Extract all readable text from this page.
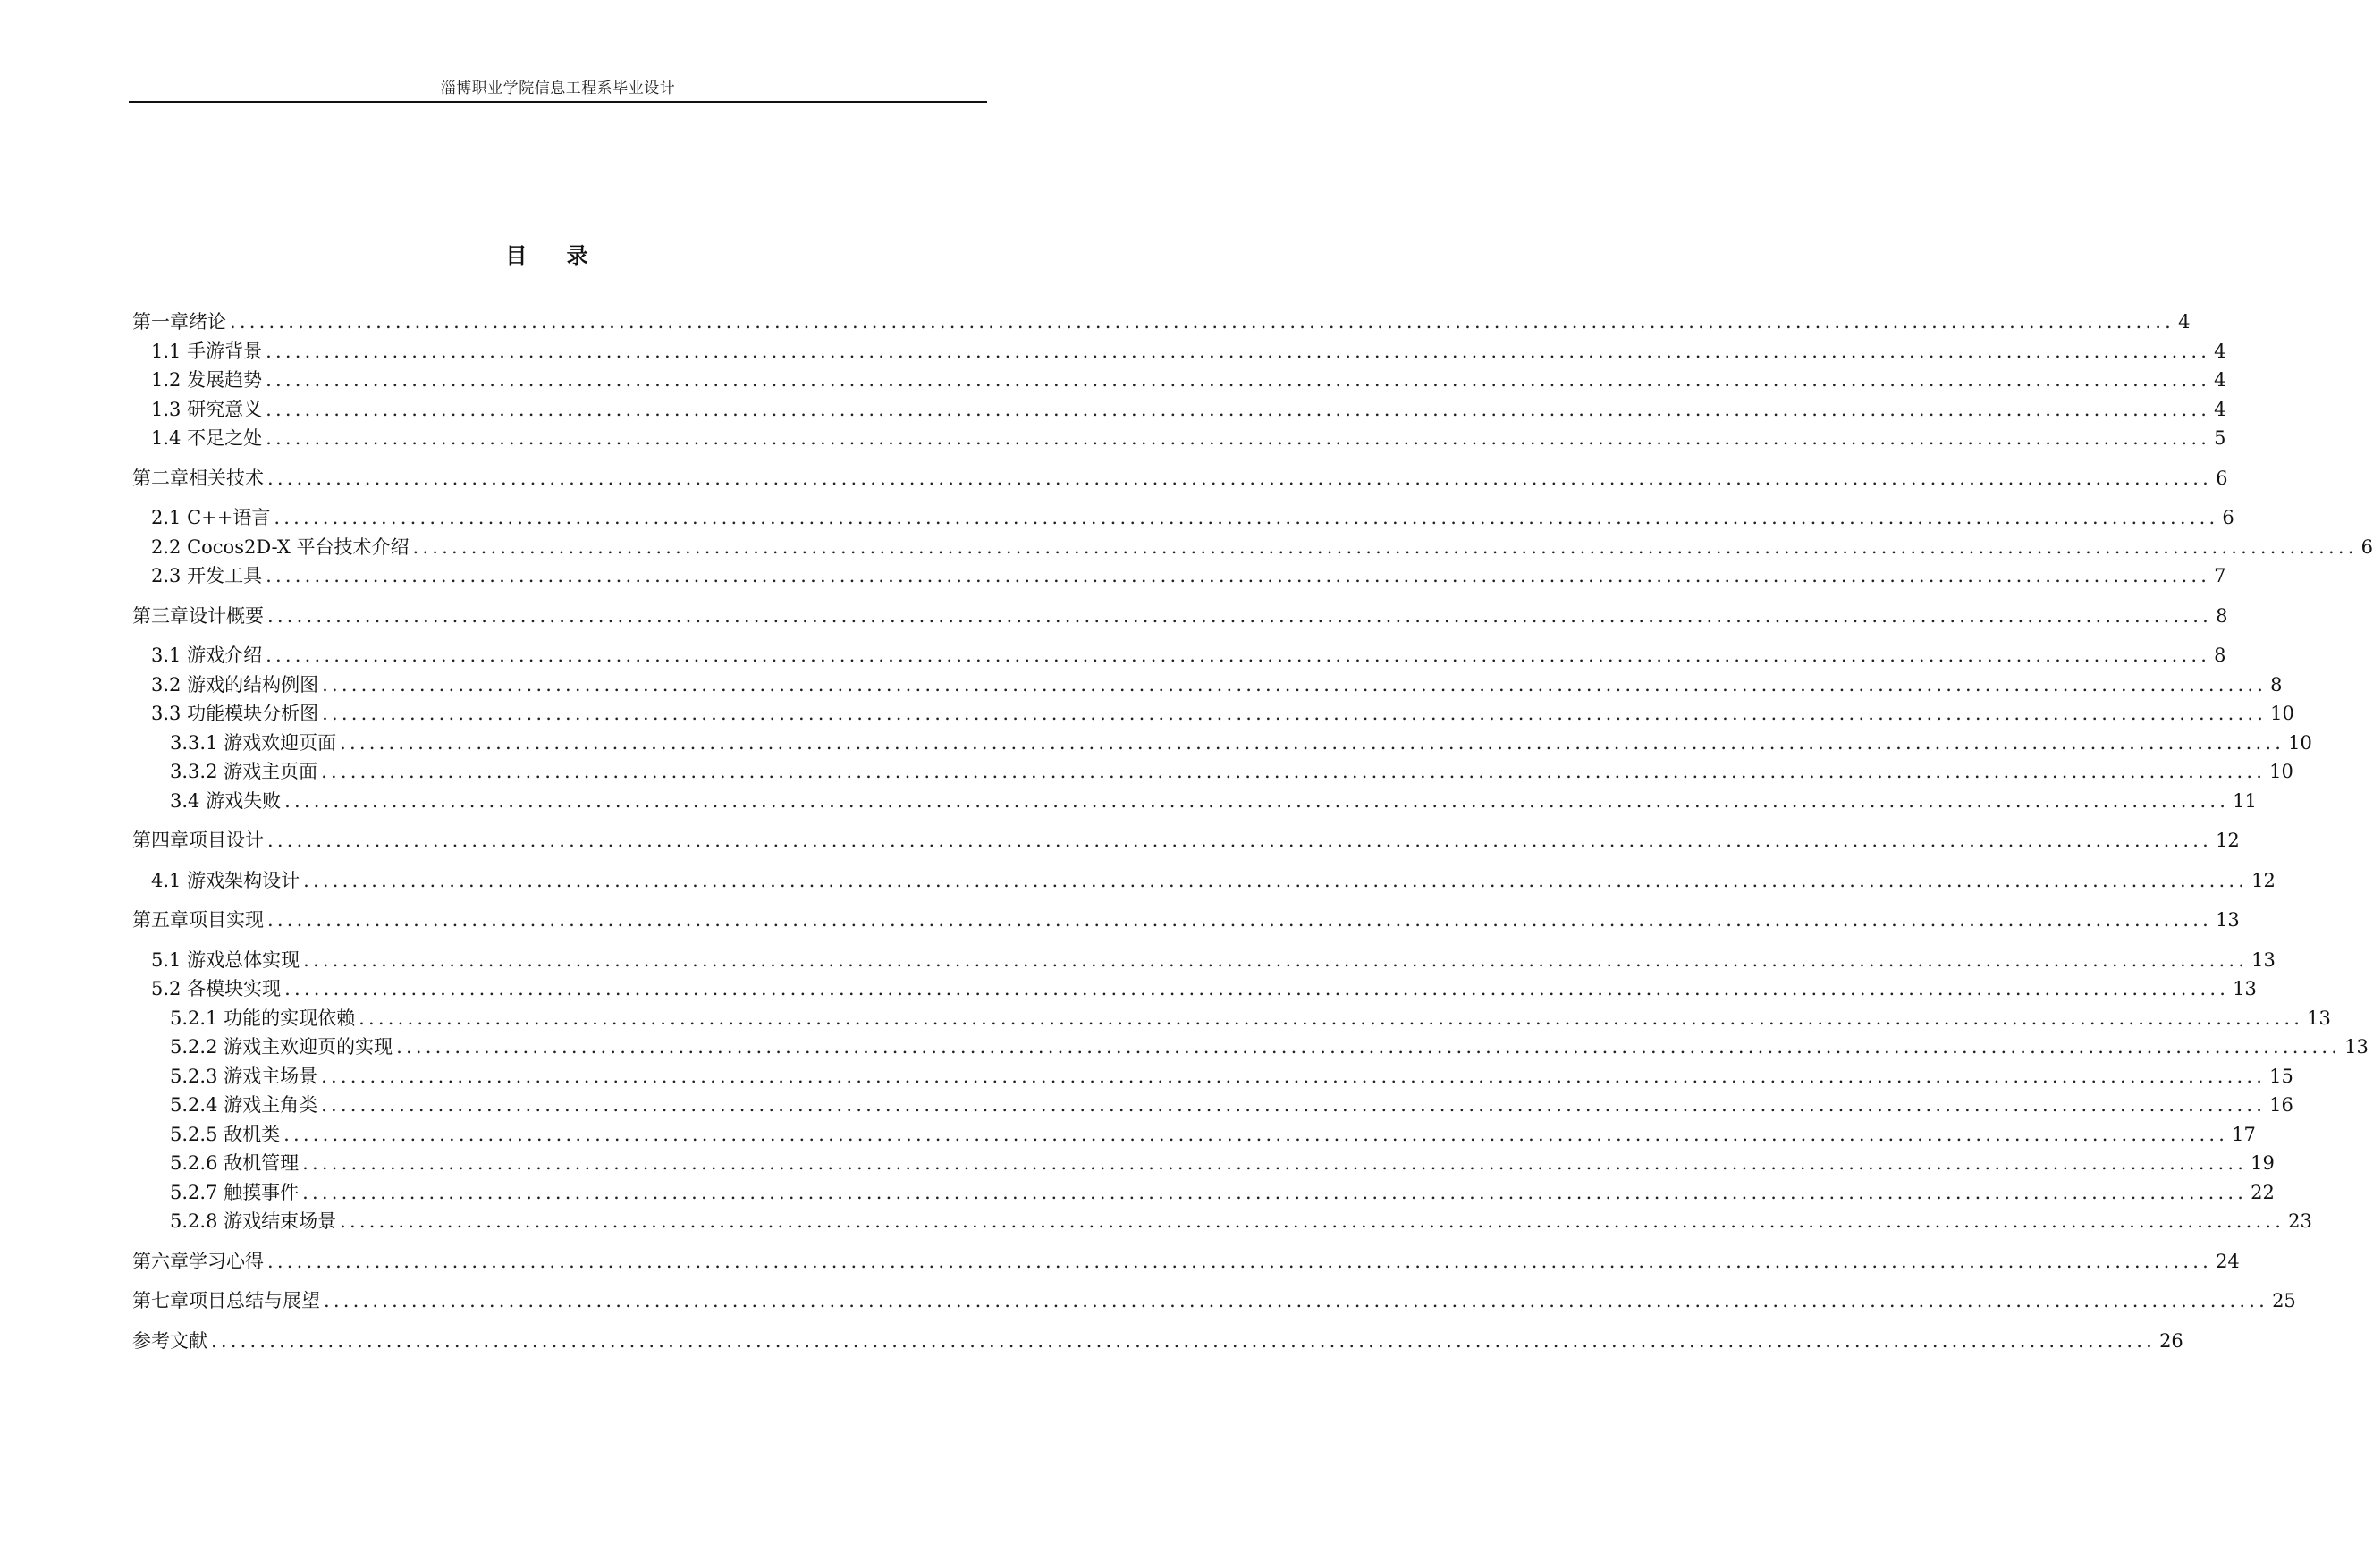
淄博职业学院信息工程系毕业设计
目 录
第一章绪论 ........................................................................................................................................................................................................ 4
1.1 手游背景 ........................................................................................................................................................................................................ 4
1.2 发展趋势 ........................................................................................................................................................................................................ 4
1.3 研究意义 ........................................................................................................................................................................................................ 4
1.4 不足之处 ........................................................................................................................................................................................................ 5
第二章相关技术 ........................................................................................................................................................................................................ 6
2.1 C++语言 ........................................................................................................................................................................................................ 6
2.2 Cocos2D-X 平台技术介绍 ........................................................................................................................................................................................................ 6
2.3 开发工具 ........................................................................................................................................................................................................ 7
第三章设计概要 ........................................................................................................................................................................................................ 8
3.1 游戏介绍 ........................................................................................................................................................................................................ 8
3.2 游戏的结构例图 ........................................................................................................................................................................................................ 8
3.3 功能模块分析图 ........................................................................................................................................................................................................ 10
3.3.1 游戏欢迎页面 ........................................................................................................................................................................................................ 10
3.3.2 游戏主页面 ........................................................................................................................................................................................................ 10
3.4 游戏失败 ........................................................................................................................................................................................................ 11
第四章项目设计 ........................................................................................................................................................................................................ 12
4.1 游戏架构设计 ........................................................................................................................................................................................................ 12
第五章项目实现 ........................................................................................................................................................................................................ 13
5.1 游戏总体实现 ........................................................................................................................................................................................................ 13
5.2 各模块实现 ........................................................................................................................................................................................................ 13
5.2.1 功能的实现依赖 ........................................................................................................................................................................................................ 13
5.2.2 游戏主欢迎页的实现 ........................................................................................................................................................................................................ 13
5.2.3 游戏主场景 ........................................................................................................................................................................................................ 15
5.2.4 游戏主角类 ........................................................................................................................................................................................................ 16
5.2.5 敌机类 ........................................................................................................................................................................................................ 17
5.2.6 敌机管理 ........................................................................................................................................................................................................ 19
5.2.7 触摸事件 ........................................................................................................................................................................................................ 22
5.2.8 游戏结束场景 ........................................................................................................................................................................................................ 23
第六章学习心得 ........................................................................................................................................................................................................ 24
第七章项目总结与展望 ........................................................................................................................................................................................................ 25
参考文献 ........................................................................................................................................................................................................ 26
